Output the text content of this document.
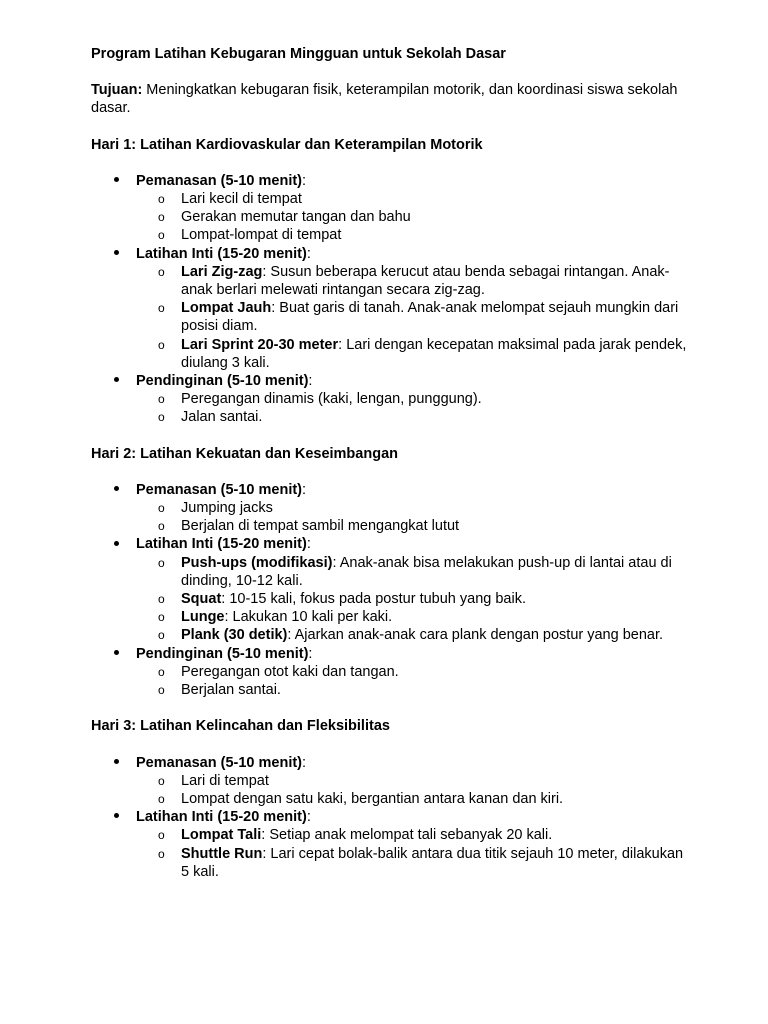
Program Latihan Kebugaran Mingguan untuk Sekolah Dasar

Tujuan: Meningkatkan kebugaran fisik, keterampilan motorik, dan koordinasi siswa sekolah dasar.

Hari 1: Latihan Kardiovaskular dan Keterampilan Motorik

Pemanasan (5-10 menit):
o Lari kecil di tempat
o Gerakan memutar tangan dan bahu
o Lompat-lompat di tempat
Latihan Inti (15-20 menit):
o Lari Zig-zag: Susun beberapa kerucut atau benda sebagai rintangan. Anak-anak berlari melewati rintangan secara zig-zag.
o Lompat Jauh: Buat garis di tanah. Anak-anak melompat sejauh mungkin dari posisi diam.
o Lari Sprint 20-30 meter: Lari dengan kecepatan maksimal pada jarak pendek, diulang 3 kali.
Pendinginan (5-10 menit):
o Peregangan dinamis (kaki, lengan, punggung).
o Jalan santai.

Hari 2: Latihan Kekuatan dan Keseimbangan

Pemanasan (5-10 menit):
o Jumping jacks
o Berjalan di tempat sambil mengangkat lutut
Latihan Inti (15-20 menit):
o Push-ups (modifikasi): Anak-anak bisa melakukan push-up di lantai atau di dinding, 10-12 kali.
o Squat: 10-15 kali, fokus pada postur tubuh yang baik.
o Lunge: Lakukan 10 kali per kaki.
o Plank (30 detik): Ajarkan anak-anak cara plank dengan postur yang benar.
Pendinginan (5-10 menit):
o Peregangan otot kaki dan tangan.
o Berjalan santai.

Hari 3: Latihan Kelincahan dan Fleksibilitas

Pemanasan (5-10 menit):
o Lari di tempat
o Lompat dengan satu kaki, bergantian antara kanan dan kiri.
Latihan Inti (15-20 menit):
o Lompat Tali: Setiap anak melompat tali sebanyak 20 kali.
o Shuttle Run: Lari cepat bolak-balik antara dua titik sejauh 10 meter, dilakukan 5 kali.
